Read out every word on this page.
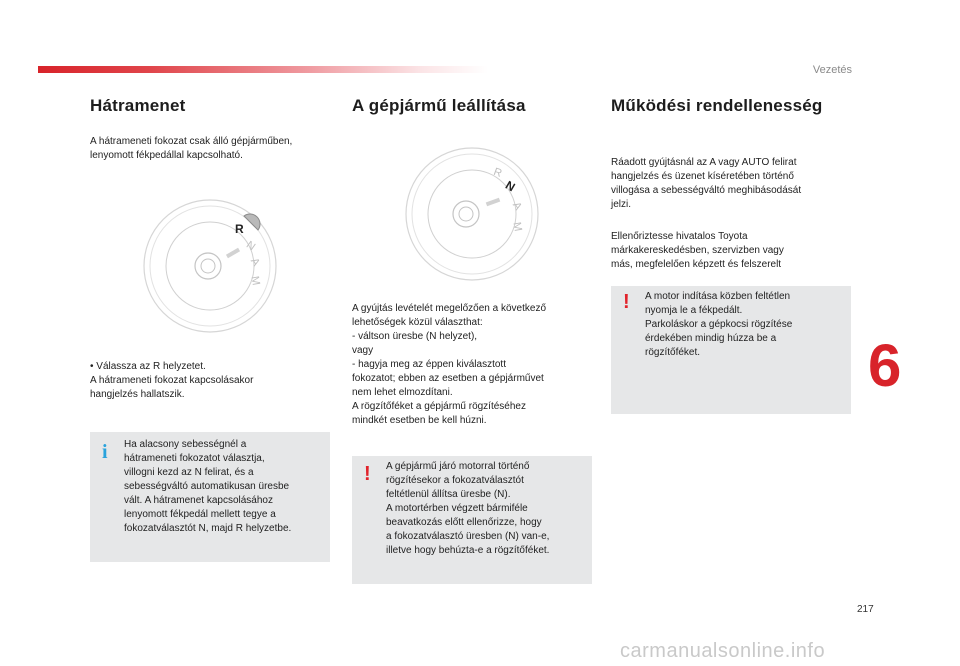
Vezetés
Hátramenet

A hátrameneti fokozat csak álló gépjárműben,
lenyomott fékpedállal kapcsolható.

R
N
A
M

• Válassza az R helyzetet.
A hátrameneti fokozat kapcsolásakor
hangjelzés hallatszik.

i Ha alacsony sebességnél a
hátrameneti fokozatot választja,
villogni kezd az N felirat, és a
sebességváltó automatikusan üresbe
vált. A hátramenet kapcsolásához
lenyomott fékpedál mellett tegye a
fokozatválasztót N, majd R helyzetbe.
A gépjármű leállítása
R
N
A
M

A gyújtás levételét megelőzően a következő
lehetőségek közül választhat:
- váltson üresbe (N helyzet),
vagy
- hagyja meg az éppen kiválasztott
fokozatot; ebben az esetben a gépjárművet
nem lehet elmozdítani.
A rögzítőféket a gépjármű rögzítéséhez
mindkét esetben be kell húzni.

! A gépjármű járó motorral történő
rögzítésekor a fokozatválasztót
feltétlenül állítsa üresbe (N).
A motortérben végzett bármiféle
beavatkozás előtt ellenőrizze, hogy
a fokozatválasztó üresben (N) van-e,
illetve hogy behúzta-e a rögzítőféket.
Működési rendellenesség

Ráadott gyújtásnál az A vagy AUTO felirat
hangjelzés és üzenet kíséretében történő
villogása a sebességváltó meghibásodását
jelzi.

Ellenőriztesse hivatalos Toyota
márkakereskedésben, szervizben vagy
más, megfelelően képzett és felszerelt

! A motor indítása közben feltétlen
nyomja le a fékpedált.
Parkoláskor a gépkocsi rögzítése
érdekében mindig húzza be a
rögzítőféket.	6
217
carmanualsonline.info
